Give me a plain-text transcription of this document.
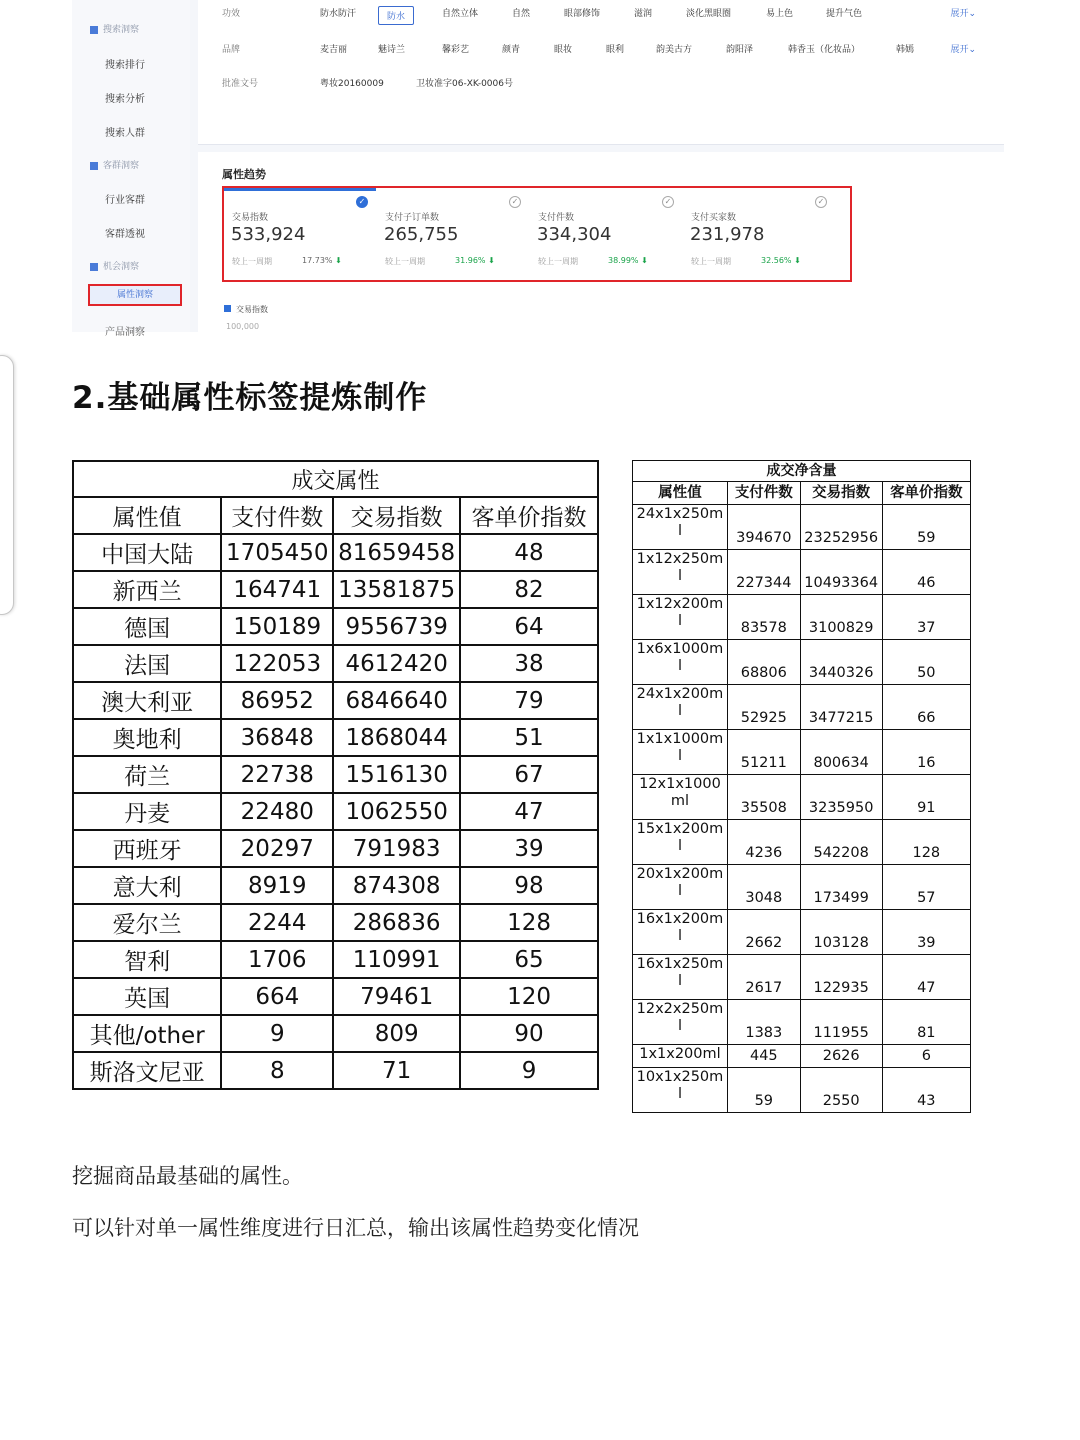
搜索洞察
搜索排行
搜索分析
搜索人群
客群洞察
行业客群
客群透视
机会洞察
属性洞察
产品洞察
功效	防水防汗	防水	自然立体	自然	眼部修饰	滋润	淡化黑眼圈	易上色	提升气色	展开⌄
品牌	麦吉丽	魅诗兰	馨彩艺	颜青	眼妆	眼利	韵美古方	韵阳泽	韩香玉（化妆品）	韩嫣	展开⌄
批准文号	粤妆20160009	卫妆准字06-XK-0006号
属性趋势
✓
交易指数
533,924
较上一周期	17.73% ⬇
✓
支付子订单数
265,755
较上一周期	31.96% ⬇
✓
支付件数
334,304
较上一周期	38.99% ⬇
✓
支付买家数
231,978
较上一周期	32.56% ⬇
交易指数
100,000
2.基础属性标签提炼制作
成交属性			
属性值	支付件数	交易指数	客单价指数
中国大陆	1705450	81659458	48
新西兰	164741	13581875	82
德国	150189	9556739	64
法国	122053	4612420	38
澳大利亚	86952	6846640	79
奥地利	36848	1868044	51
荷兰	22738	1516130	67
丹麦	22480	1062550	47
西班牙	20297	791983	39
意大利	8919	874308	98
爱尔兰	2244	286836	128
智利	1706	110991	65
英国	664	79461	120
其他/other	9	809	90
斯洛文尼亚	8	71	9
成交净含量			
属性值	支付件数	交易指数	客单价指数

24x1x250m
l	394670	23252956	59

1x12x250m
l	227344	10493364	46

1x12x200m
l	83578	3100829	37

1x6x1000m
l	68806	3440326	50

24x1x200m
l	52925	3477215	66

1x1x1000m
l	51211	800634	16

12x1x1000
ml	35508	3235950	91

15x1x200m
l	4236	542208	128

20x1x200m
l	3048	173499	57

16x1x200m
l	2662	103128	39

16x1x250m
l	2617	122935	47

12x2x250m
l	1383	111955	81

1x1x200ml	445	2626	6

10x1x250m
l	59	2550	43
挖掘商品最基础的属性。
可以针对单一属性维度进行日汇总，输出该属性趋势变化情况
